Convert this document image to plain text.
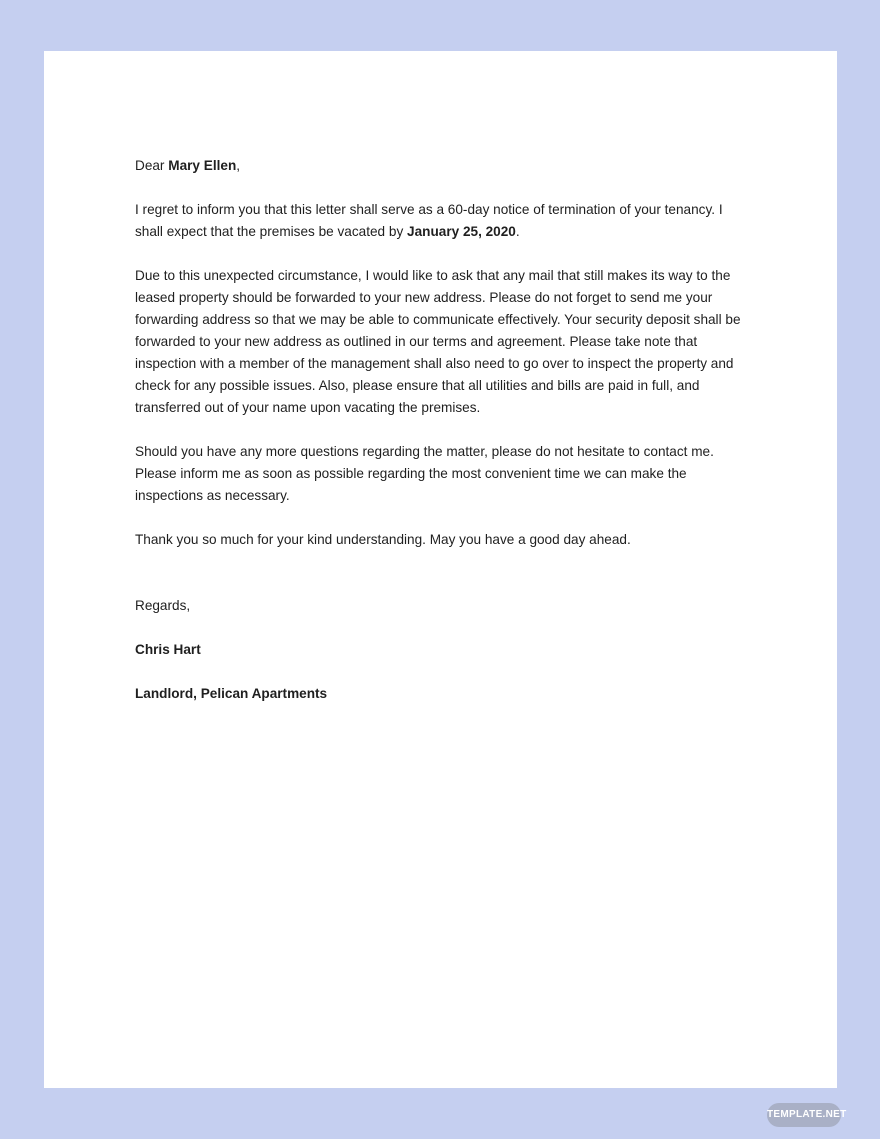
Dear Mary Ellen,

I regret to inform you that this letter shall serve as a 60-day notice of termination of your tenancy. I shall expect that the premises be vacated by January 25, 2020.

Due to this unexpected circumstance, I would like to ask that any mail that still makes its way to the leased property should be forwarded to your new address. Please do not forget to send me your forwarding address so that we may be able to communicate effectively. Your security deposit shall be forwarded to your new address as outlined in our terms and agreement. Please take note that inspection with a member of the management shall also need to go over to inspect the property and check for any possible issues. Also, please ensure that all utilities and bills are paid in full, and transferred out of your name upon vacating the premises.

Should you have any more questions regarding the matter, please do not hesitate to contact me. Please inform me as soon as possible regarding the most convenient time we can make the inspections as necessary.

Thank you so much for your kind understanding. May you have a good day ahead.

Regards,

Chris Hart

Landlord, Pelican Apartments

TEMPLATE.NET
